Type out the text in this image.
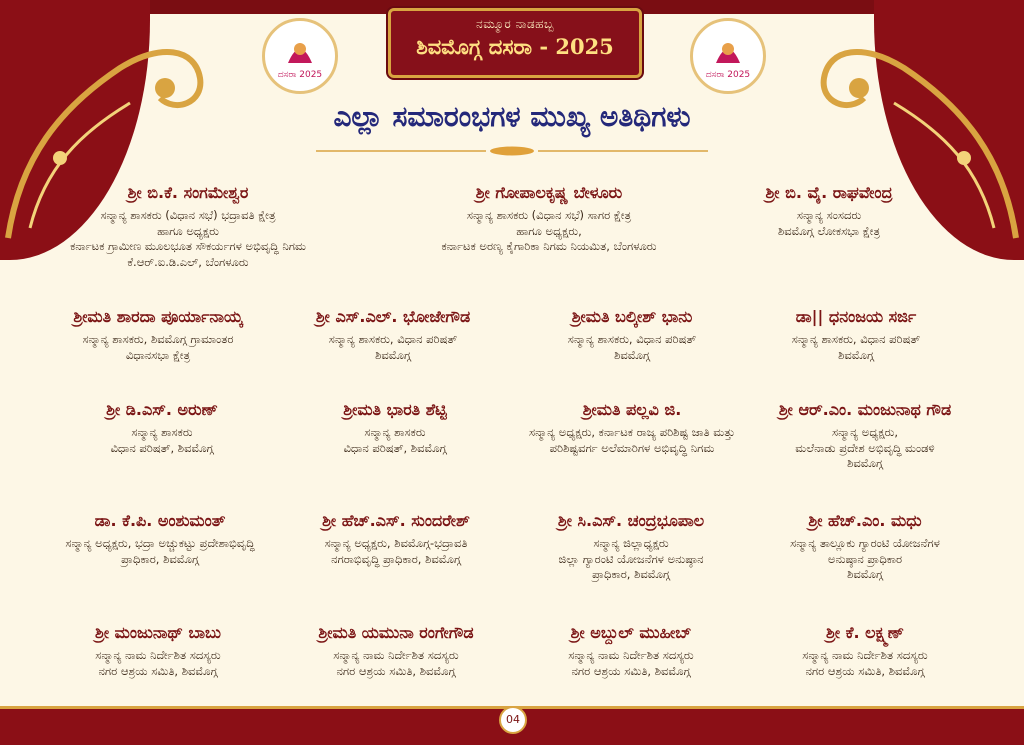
ದಸರಾ 2025	ದಸರಾ 2025
ನಮ್ಮೂರ ನಾಡಹಬ್ಬ
ಶಿವಮೊಗ್ಗ ದಸರಾ - 2025
ಎಲ್ಲಾ ಸಮಾರಂಭಗಳ ಮುಖ್ಯ ಅತಿಥಿಗಳು
ಶ್ರೀ ಬಿ.ಕೆ. ಸಂಗಮೇಶ್ವರ
ಸನ್ಮಾನ್ಯ ಶಾಸಕರು (ವಿಧಾನ ಸಭೆ) ಭದ್ರಾವತಿ ಕ್ಷೇತ್ರ
ಹಾಗೂ ಅಧ್ಯಕ್ಷರು
ಕರ್ನಾಟಕ ಗ್ರಾಮೀಣ ಮೂಲಭೂತ ಸೌಕರ್ಯಗಳ ಅಭಿವೃದ್ಧಿ ನಿಗಮ
ಕೆ.ಆರ್.ಐ.ಡಿ.ಎಲ್, ಬೆಂಗಳೂರು
ಶ್ರೀ ಗೋಪಾಲಕೃಷ್ಣ ಬೇಳೂರು
ಸನ್ಮಾನ್ಯ ಶಾಸಕರು (ವಿಧಾನ ಸಭೆ) ಸಾಗರ ಕ್ಷೇತ್ರ
ಹಾಗೂ ಅಧ್ಯಕ್ಷರು,
ಕರ್ನಾಟಕ ಅರಣ್ಯ ಕೈಗಾರಿಕಾ ನಿಗಮ ನಿಯಮಿತ, ಬೆಂಗಳೂರು
ಶ್ರೀ ಬಿ. ವೈ. ರಾಘವೇಂದ್ರ
ಸನ್ಮಾನ್ಯ ಸಂಸದರು
ಶಿವಮೊಗ್ಗ ಲೋಕಸಭಾ ಕ್ಷೇತ್ರ
ಶ್ರೀಮತಿ ಶಾರದಾ ಪೂರ್ಯಾನಾಯ್ಕ
ಸನ್ಮಾನ್ಯ ಶಾಸಕರು, ಶಿವಮೊಗ್ಗ ಗ್ರಾಮಾಂತರ
ವಿಧಾನಸಭಾ ಕ್ಷೇತ್ರ
ಶ್ರೀ ಎಸ್.ಎಲ್. ಭೋಜೇಗೌಡ
ಸನ್ಮಾನ್ಯ ಶಾಸಕರು, ವಿಧಾನ ಪರಿಷತ್
ಶಿವಮೊಗ್ಗ
ಶ್ರೀಮತಿ ಬಲ್ಕೀಶ್ ಭಾನು
ಸನ್ಮಾನ್ಯ ಶಾಸಕರು, ವಿಧಾನ ಪರಿಷತ್
ಶಿವಮೊಗ್ಗ
ಡಾ|| ಧನಂಜಯ ಸರ್ಜಿ
ಸನ್ಮಾನ್ಯ ಶಾಸಕರು, ವಿಧಾನ ಪರಿಷತ್
ಶಿವಮೊಗ್ಗ
ಶ್ರೀ ಡಿ.ಎಸ್. ಅರುಣ್
ಸನ್ಮಾನ್ಯ ಶಾಸಕರು
ವಿಧಾನ ಪರಿಷತ್, ಶಿವಮೊಗ್ಗ
ಶ್ರೀಮತಿ ಭಾರತಿ ಶೆಟ್ಟಿ
ಸನ್ಮಾನ್ಯ ಶಾಸಕರು
ವಿಧಾನ ಪರಿಷತ್, ಶಿವಮೊಗ್ಗ
ಶ್ರೀಮತಿ ಪಲ್ಲವಿ ಜಿ.
ಸನ್ಮಾನ್ಯ ಅಧ್ಯಕ್ಷರು, ಕರ್ನಾಟಕ ರಾಜ್ಯ ಪರಿಶಿಷ್ಟ ಜಾತಿ ಮತ್ತು
ಪರಿಶಿಷ್ಟವರ್ಗ ಅಲೆಮಾರಿಗಳ ಅಭಿವೃದ್ಧಿ ನಿಗಮ
ಶ್ರೀ ಆರ್.ಎಂ. ಮಂಜುನಾಥ ಗೌಡ
ಸನ್ಮಾನ್ಯ ಅಧ್ಯಕ್ಷರು,
ಮಲೆನಾಡು ಪ್ರದೇಶ ಅಭಿವೃದ್ಧಿ ಮಂಡಳಿ
ಶಿವಮೊಗ್ಗ
ಡಾ. ಕೆ.ಪಿ. ಅಂಶುಮಂತ್
ಸನ್ಮಾನ್ಯ ಅಧ್ಯಕ್ಷರು, ಭದ್ರಾ ಅಚ್ಚುಕಟ್ಟು ಪ್ರದೇಶಾಭಿವೃದ್ಧಿ
ಪ್ರಾಧಿಕಾರ, ಶಿವಮೊಗ್ಗ
ಶ್ರೀ ಹೆಚ್.ಎಸ್. ಸುಂದರೇಶ್
ಸನ್ಮಾನ್ಯ ಅಧ್ಯಕ್ಷರು, ಶಿವಮೊಗ್ಗ-ಭದ್ರಾವತಿ
ನಗರಾಭಿವೃದ್ಧಿ ಪ್ರಾಧಿಕಾರ, ಶಿವಮೊಗ್ಗ
ಶ್ರೀ ಸಿ.ಎಸ್. ಚಂದ್ರಭೂಪಾಲ
ಸನ್ಮಾನ್ಯ ಜಿಲ್ಲಾಧ್ಯಕ್ಷರು
ಜಿಲ್ಲಾ ಗ್ಯಾರಂಟಿ ಯೋಜನೆಗಳ ಅನುಷ್ಠಾನ
ಪ್ರಾಧಿಕಾರ, ಶಿವಮೊಗ್ಗ
ಶ್ರೀ ಹೆಚ್.ಎಂ. ಮಧು
ಸನ್ಮಾನ್ಯ ತಾಲ್ಲೂಕು ಗ್ಯಾರಂಟಿ ಯೋಜನೆಗಳ
ಅನುಷ್ಠಾನ ಪ್ರಾಧಿಕಾರ
ಶಿವಮೊಗ್ಗ
ಶ್ರೀ ಮಂಜುನಾಥ್ ಬಾಬು
ಸನ್ಮಾನ್ಯ ನಾಮ ನಿರ್ದೇಶಿತ ಸದಸ್ಯರು
ನಗರ ಆಶ್ರಯ ಸಮಿತಿ, ಶಿವಮೊಗ್ಗ
ಶ್ರೀಮತಿ ಯಮುನಾ ರಂಗೇಗೌಡ
ಸನ್ಮಾನ್ಯ ನಾಮ ನಿರ್ದೇಶಿತ ಸದಸ್ಯರು
ನಗರ ಆಶ್ರಯ ಸಮಿತಿ, ಶಿವಮೊಗ್ಗ
ಶ್ರೀ ಅಬ್ದುಲ್ ಮುಹೀಬ್
ಸನ್ಮಾನ್ಯ ನಾಮ ನಿರ್ದೇಶಿತ ಸದಸ್ಯರು
ನಗರ ಆಶ್ರಯ ಸಮಿತಿ, ಶಿವಮೊಗ್ಗ
ಶ್ರೀ ಕೆ. ಲಕ್ಷ್ಮಣ್
ಸನ್ಮಾನ್ಯ ನಾಮ ನಿರ್ದೇಶಿತ ಸದಸ್ಯರು
ನಗರ ಆಶ್ರಯ ಸಮಿತಿ, ಶಿವಮೊಗ್ಗ
04
